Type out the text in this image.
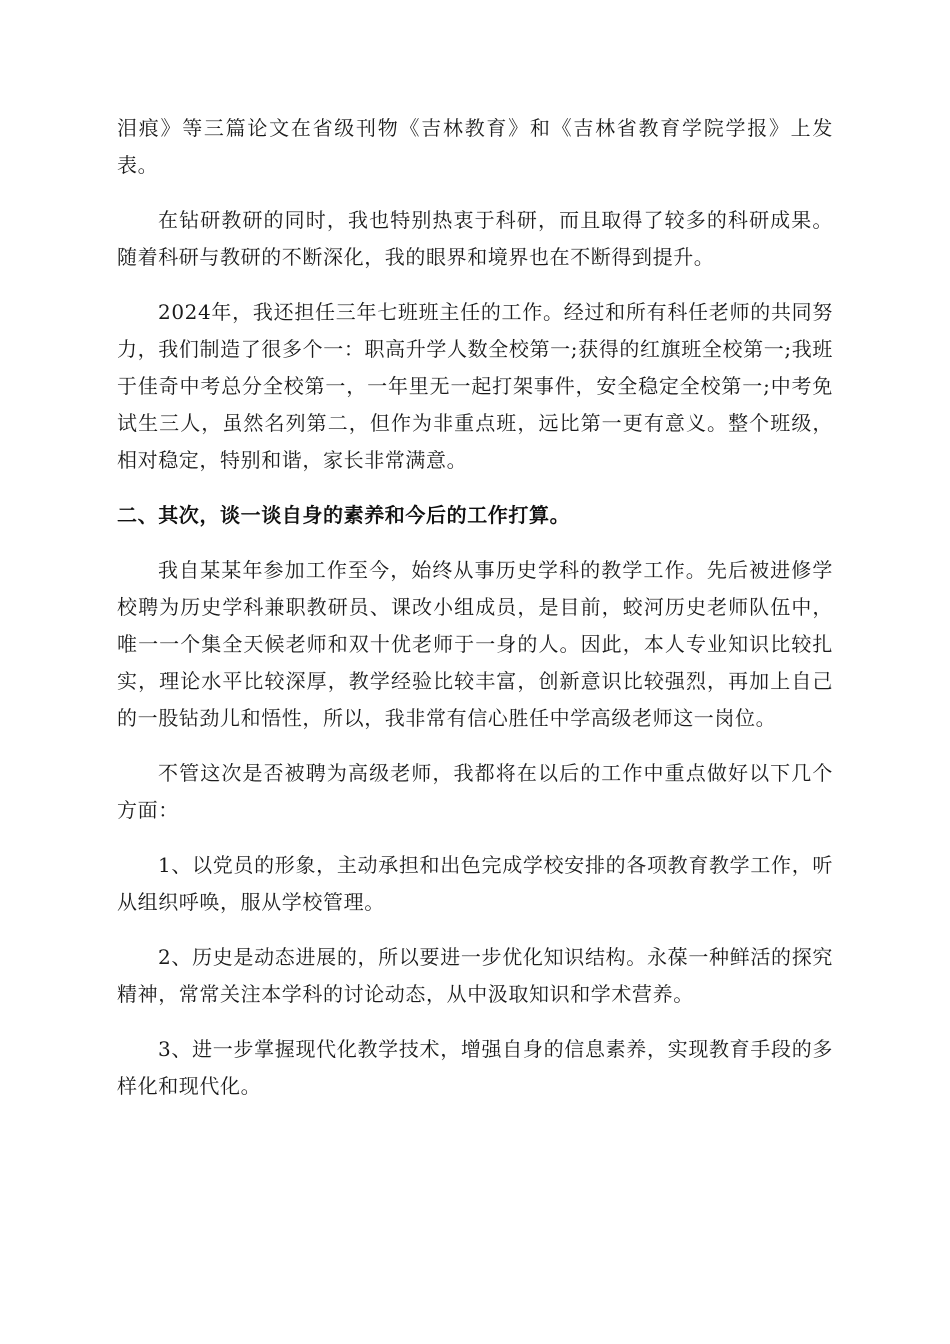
泪痕》等三篇论文在省级刊物《吉林教育》和《吉林省教育学院学报》上发表。

在钻研教研的同时，我也特别热衷于科研，而且取得了较多的科研成果。随着科研与教研的不断深化，我的眼界和境界也在不断得到提升。

2024年，我还担任三年七班班主任的工作。经过和所有科任老师的共同努力，我们制造了很多个一：职高升学人数全校第一;获得的红旗班全校第一;我班于佳奇中考总分全校第一，一年里无一起打架事件，安全稳定全校第一;中考免试生三人，虽然名列第二，但作为非重点班，远比第一更有意义。整个班级，相对稳定，特别和谐，家长非常满意。

二、其次，谈一谈自身的素养和今后的工作打算。

我自某某年参加工作至今，始终从事历史学科的教学工作。先后被进修学校聘为历史学科兼职教研员、课改小组成员，是目前，蛟河历史老师队伍中，唯一一个集全天候老师和双十优老师于一身的人。因此，本人专业知识比较扎实，理论水平比较深厚，教学经验比较丰富，创新意识比较强烈，再加上自己的一股钻劲儿和悟性，所以，我非常有信心胜任中学高级老师这一岗位。

不管这次是否被聘为高级老师，我都将在以后的工作中重点做好以下几个方面：

1、以党员的形象，主动承担和出色完成学校安排的各项教育教学工作，听从组织呼唤，服从学校管理。

2、历史是动态进展的，所以要进一步优化知识结构。永葆一种鲜活的探究精神，常常关注本学科的讨论动态，从中汲取知识和学术营养。

3、进一步掌握现代化教学技术，增强自身的信息素养，实现教育手段的多样化和现代化。
